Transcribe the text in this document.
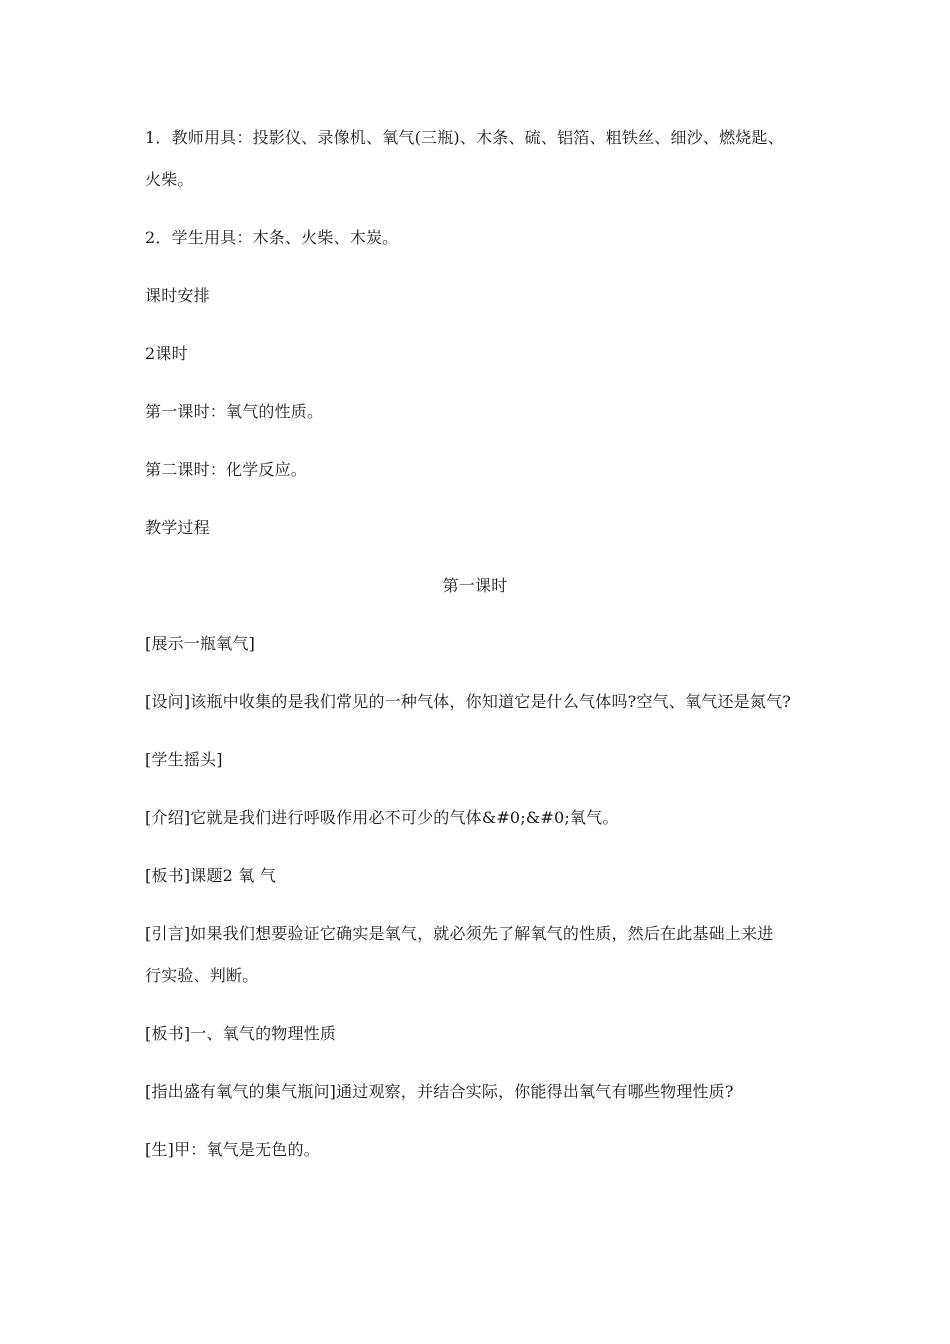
1．教师用具：投影仪、录像机、氧气(三瓶)、木条、硫、铝箔、粗铁丝、细沙、燃烧匙、
火柴。
2．学生用具：木条、火柴、木炭。
课时安排
2课时
第一课时：氧气的性质。
第二课时：化学反应。
教学过程
第一课时
[展示一瓶氧气]
[设问]该瓶中收集的是我们常见的一种气体，你知道它是什么气体吗?空气、氧气还是氮气?
[学生摇头]
[介绍]它就是我们进行呼吸作用必不可少的气体&#0;&#0;氧气。
[板书]课题2 氧 气
[引言]如果我们想要验证它确实是氧气，就必须先了解氧气的性质，然后在此基础上来进
行实验、判断。
[板书]一、氧气的物理性质
[指出盛有氧气的集气瓶问]通过观察，并结合实际，你能得出氧气有哪些物理性质?
[生]甲：氧气是无色的。
